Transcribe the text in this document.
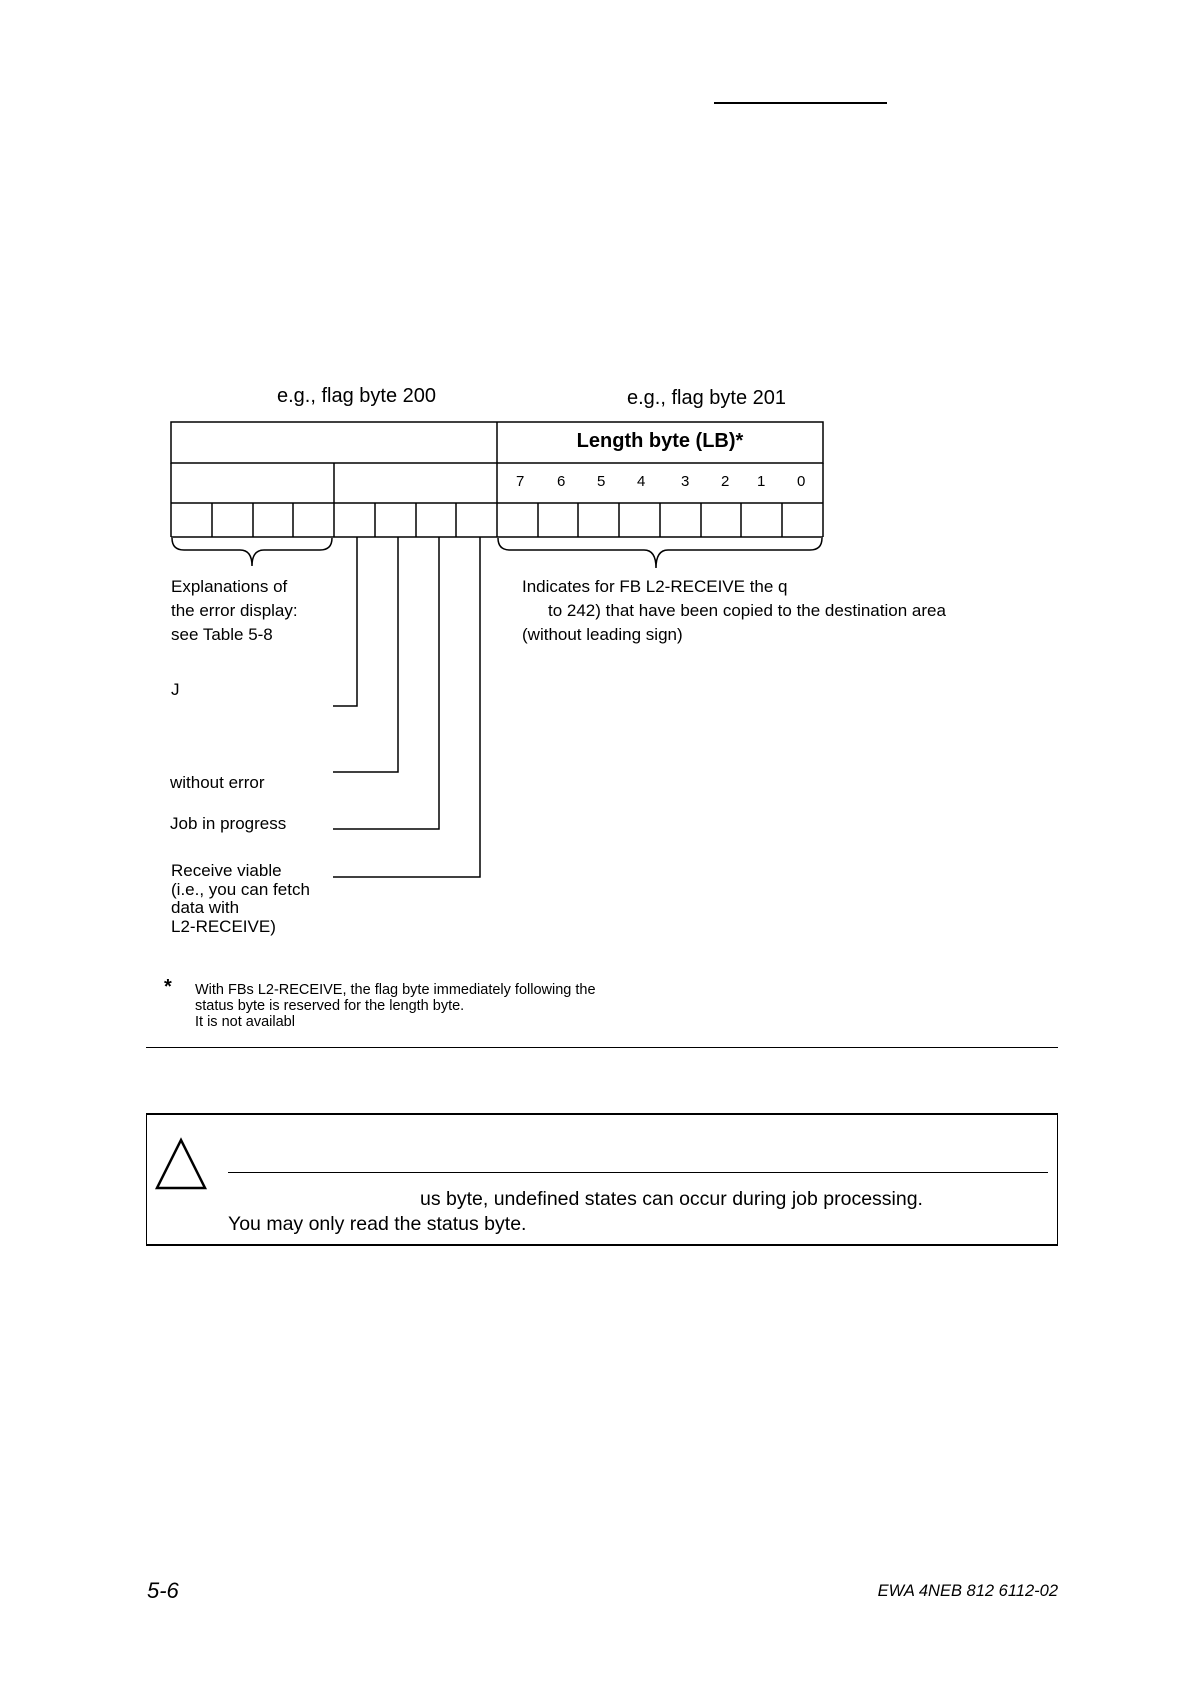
e.g., flag byte 200	e.g., flag byte 201
Length byte (LB)*
7 6 5 4 3 2 1 0
Explanations of
the error display:
see Table 5-8
Indicates for FB L2-RECEIVE the q
to 242) that have been copied to the destination area
(without leading sign)
J
without error
Job in progress
Receive viable
(i.e., you can fetch
data with
L2-RECEIVE)
* With FBs L2-RECEIVE, the flag byte immediately following the
status byte is reserved for the length byte.
It is not availabl
us byte, undefined states can occur during job processing.
You may only read the status byte.
5-6	EWA 4NEB 812 6112-02
